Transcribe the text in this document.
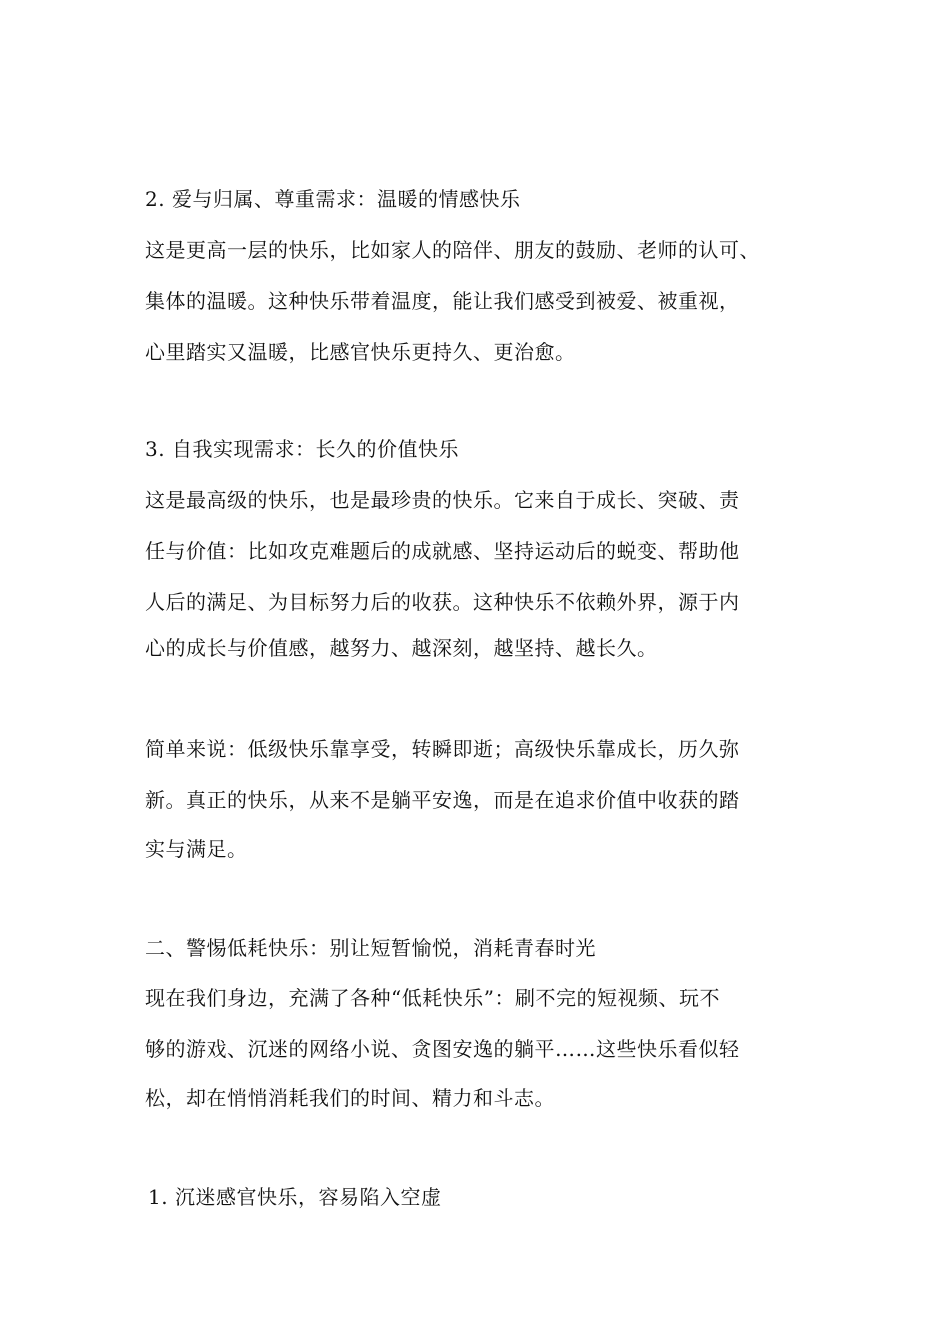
2. 爱与归属、尊重需求：温暖的情感快乐
这是更高一层的快乐，比如家人的陪伴、朋友的鼓励、老师的认可、
集体的温暖。这种快乐带着温度，能让我们感受到被爱、被重视，
心里踏实又温暖，比感官快乐更持久、更治愈。
3. 自我实现需求：长久的价值快乐
这是最高级的快乐，也是最珍贵的快乐。它来自于成长、突破、责
任与价值：比如攻克难题后的成就感、坚持运动后的蜕变、帮助他
人后的满足、为目标努力后的收获。这种快乐不依赖外界，源于内
心的成长与价值感，越努力、越深刻，越坚持、越长久。
简单来说：低级快乐靠享受，转瞬即逝；高级快乐靠成长，历久弥
新。真正的快乐，从来不是躺平安逸，而是在追求价值中收获的踏
实与满足。
二、警惕低耗快乐：别让短暂愉悦，消耗青春时光
现在我们身边，充满了各种“低耗快乐”：刷不完的短视频、玩不
够的游戏、沉迷的网络小说、贪图安逸的躺平……这些快乐看似轻
松，却在悄悄消耗我们的时间、精力和斗志。
1. 沉迷感官快乐，容易陷入空虚
